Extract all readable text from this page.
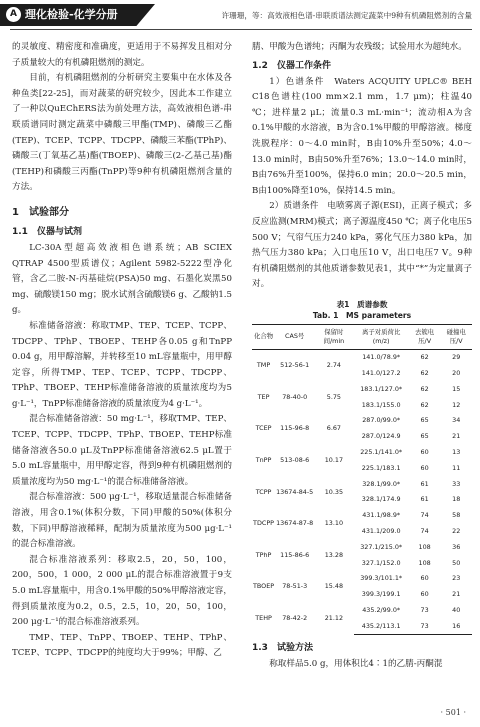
A 理化检验-化学分册	许珊珊，等：高效液相色谱-串联质谱法测定蔬菜中9种有机磷阻燃剂的含量

的灵敏度、精密度和准确度，更适用于不易挥发且相对分子质量较大的有机磷阻燃剂的测定。

目前，有机磷阻燃剂的分析研究主要集中在水体及各种鱼类[22-25]，而对蔬菜的研究较少，因此本工作建立了一种以QuEChERS法为前处理方法，高效液相色谱-串联质谱同时测定蔬菜中磷酸三甲酯(TMP)、磷酸三乙酯(TEP)、TCEP、TCPP、TDCPP、磷酸三苯酯(TPhP)、磷酸三(丁氧基乙基)酯(TBOEP)、磷酸三(2-乙基己基)酯(TEHP)和磷酸三丙酯(TnPP)等9种有机磷阻燃剂含量的方法。

1　试验部分
1.1　仪器与试剂

LC-30A型超高效液相色谱系统；AB SCIEX QTRAP 4500型质谱仪；Agilent 5982-5222型净化管，含乙二胺-N-丙基硅烷(PSA)50 mg、石墨化炭黑50 mg、硫酸镁150 mg；脱水试剂含硫酸镁6 g、乙酸钠1.5 g。

标准储备溶液：称取TMP、TEP、TCEP、TCPP、TDCPP、TPhP、TBOEP、TEHP各0.05 g和TnPP 0.04 g，用甲醇溶解，并转移至10 mL容量瓶中，用甲醇定容，所得TMP、TEP、TCEP、TCPP、TDCPP、TPhP、TBOEP、TEHP标准储备溶液的质量浓度均为5 g·L⁻¹，TnPP标准储备溶液的质量浓度为4 g·L⁻¹。

混合标准储备溶液：50 mg·L⁻¹，移取TMP、TEP、TCEP、TCPP、TDCPP、TPhP、TBOEP、TEHP标准储备溶液各50.0 μL及TnPP标准储备溶液62.5 μL置于5.0 mL容量瓶中，用甲醇定容，得到9种有机磷阻燃剂的质量浓度均为50 mg·L⁻¹的混合标准储备溶液。

混合标准溶液：500 μg·L⁻¹，移取适量混合标准储备溶液，用含0.1%(体积分数，下同)甲酸的50%(体积分数，下同)甲醇溶液稀释，配制为质量浓度为500 μg·L⁻¹的混合标准溶液。

混合标准溶液系列：移取2.5，20，50，100，200，500，1 000，2 000 μL的混合标准溶液置于9支5.0 mL容量瓶中，用含0.1%甲酸的50%甲醇溶液定容，得到质量浓度为0.2，0.5，2.5，10，20，50，100，200 μg·L⁻¹的混合标准溶液系列。

TMP、TEP、TnPP、TBOEP、TEHP、TPhP、TCEP、TCPP、TDCPP的纯度均大于99%；甲醇、乙

腈、甲酸为色谱纯；丙酮为农残级；试验用水为超纯水。

1.2　仪器工作条件

1）色谱条件　Waters ACQUITY UPLC® BEH C18色谱柱(100 mm×2.1 mm，1.7 μm)；柱温40 ℃；进样量2 μL；流量0.3 mL·min⁻¹；流动相A为含0.1%甲酸的水溶液，B为含0.1%甲酸的甲醇溶液。梯度洗脱程序：0～4.0 min时，B由10%升至50%；4.0～13.0 min时，B由50%升至76%；13.0～14.0 min时，B由76%升至100%，保持6.0 min；20.0～20.5 min，B由100%降至10%，保持14.5 min。

2）质谱条件　电喷雾离子源(ESI)，正离子模式；多反应监测(MRM)模式；离子源温度450 ℃；离子化电压5 500 V；气帘气压力240 kPa，雾化气压力380 kPa，加热气压力380 kPa；入口电压10 V，出口电压7 V。9种有机磷阻燃剂的其他质谱参数见表1，其中“*”为定量离子对。

表1　质谱参数
Tab. 1　MS parameters
化合物	CAS号	保留时间/min	离子对质荷比(m/z)	去簇电压/V	碰撞电压/V
TMP	512-56-1	2.74	141.0/78.9*	62	29
			141.0/127.2	62	20
TEP	78-40-0	5.75	183.1/127.0*	62	15
			183.1/155.0	62	12
TCEP	115-96-8	6.67	287.0/99.0*	65	34
			287.0/124.9	65	21
TnPP	513-08-6	10.17	225.1/141.0*	60	13
			225.1/183.1	60	11
TCPP	13674-84-5	10.35	328.1/99.0*	61	33
			328.1/174.9	61	18
TDCPP	13674-87-8	13.10	431.1/98.9*	74	58
			431.1/209.0	74	22
TPhP	115-86-6	13.28	327.1/215.0*	108	36
			327.1/152.0	108	50
TBOEP	78-51-3	15.48	399.3/101.1*	60	23
			399.3/199.1	60	21
TEHP	78-42-2	21.12	435.2/99.0*	73	40
			435.2/113.1	73	16
1.3　试验方法

称取样品5.0 g，用体积比4∶1的乙腈-丙酮混

· 501 ·
